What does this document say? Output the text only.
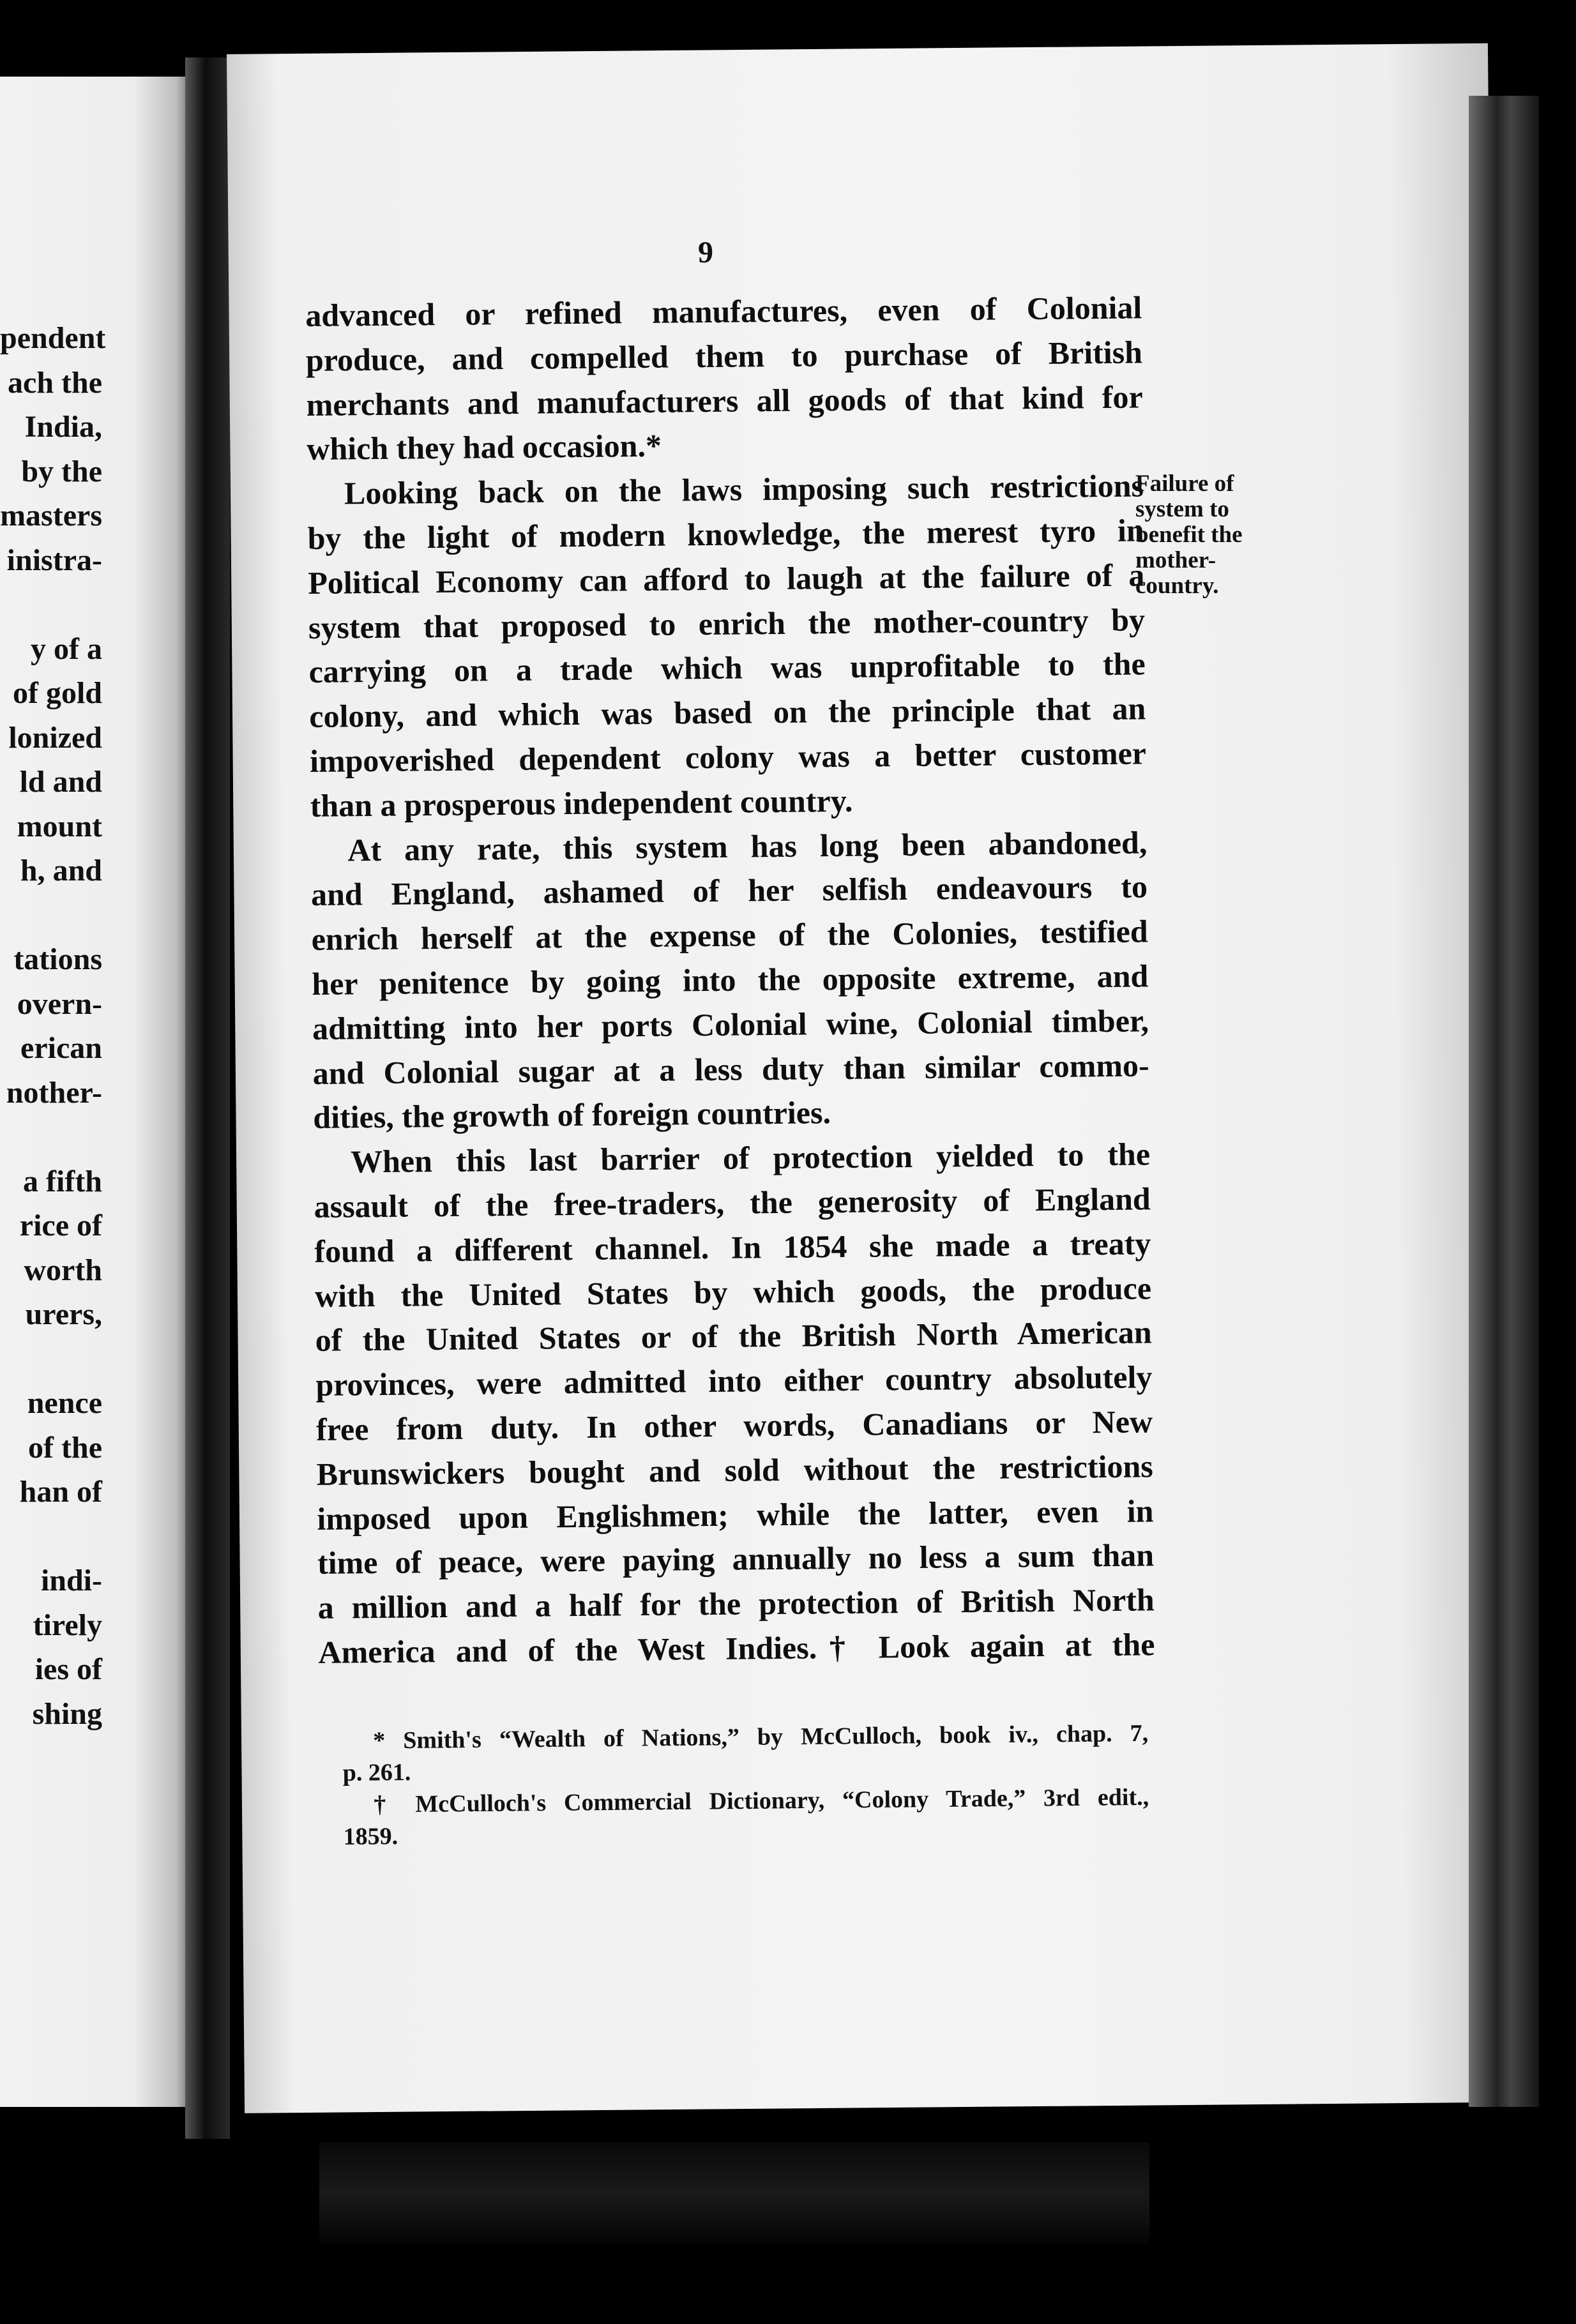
pendent
ach the
India,
by the
masters
inistra-

y of a
of gold
lonized
ld and
mount
h, and

tations
overn-
erican
nother-

a fifth
rice of
worth
urers,

nence
of the
han of

indi-
tirely
ies of
shing
9
advanced or refined manufactures, even of Colonial
produce, and compelled them to purchase of British
merchants and manufacturers all goods of that kind for
which they had occasion.*
Looking back on the laws imposing such restrictions
by the light of modern knowledge, the merest tyro in
Political Economy can afford to laugh at the failure of a
system that proposed to enrich the mother-country by
carrying on a trade which was unprofitable to the
colony, and which was based on the principle that an
impoverished dependent colony was a better customer
than a prosperous independent country.
At any rate, this system has long been abandoned,
and England, ashamed of her selfish endeavours to
enrich herself at the expense of the Colonies, testified
her penitence by going into the opposite extreme, and
admitting into her ports Colonial wine, Colonial timber,
and Colonial sugar at a less duty than similar commo-
dities, the growth of foreign countries.
When this last barrier of protection yielded to the
assault of the free-traders, the generosity of England
found a different channel. In 1854 she made a treaty
with the United States by which goods, the produce
of the United States or of the British North American
provinces, were admitted into either country absolutely
free from duty. In other words, Canadians or New
Brunswickers bought and sold without the restrictions
imposed upon Englishmen; while the latter, even in
time of peace, were paying annually no less a sum than
a million and a half for the protection of British North
America and of the West Indies.† Look again at the
Failure of
system to
benefit the
mother-
country.
* Smith's “Wealth of Nations,” by McCulloch, book iv., chap. 7,
p. 261.
† McCulloch's Commercial Dictionary, “Colony Trade,” 3rd edit.,
1859.
